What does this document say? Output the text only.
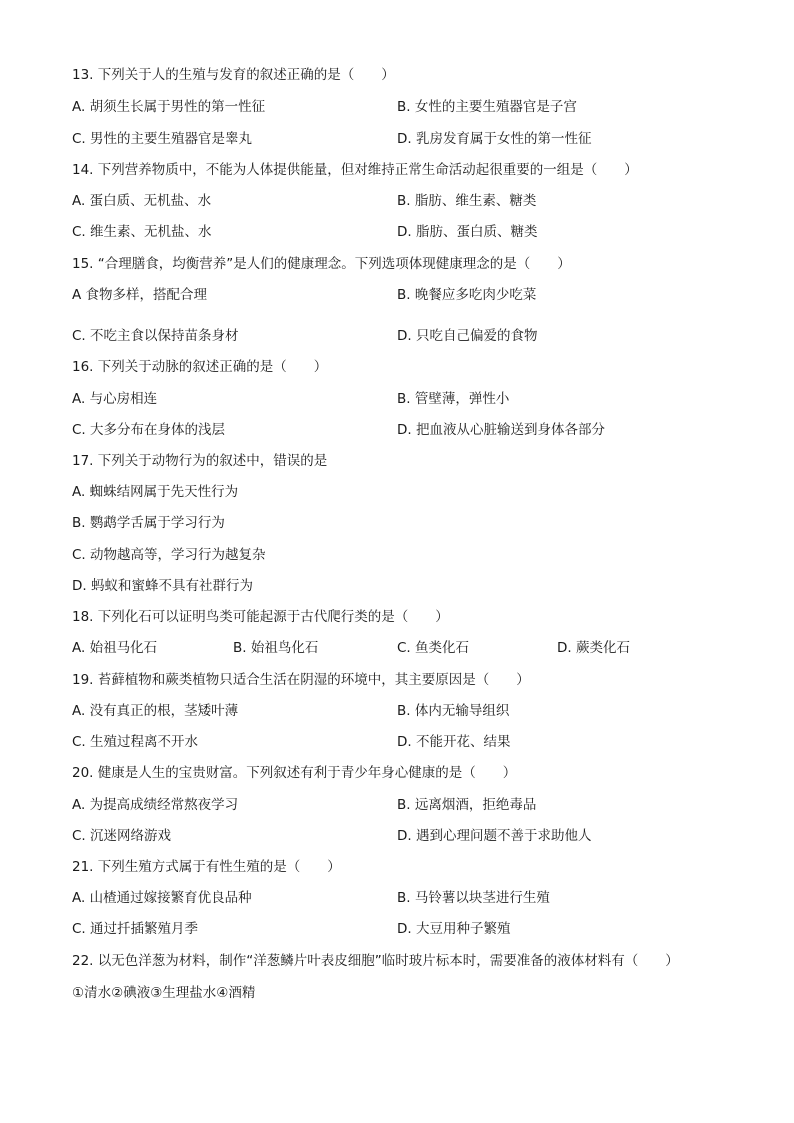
13. 下列关于人的生殖与发育的叙述正确的是（　　）
A. 胡须生长属于男性的第一性征	B. 女性的主要生殖器官是子宫
C. 男性的主要生殖器官是睾丸	D. 乳房发育属于女性的第一性征
14. 下列营养物质中，不能为人体提供能量，但对维持正常生命活动起很重要的一组是（　　）
A. 蛋白质、无机盐、水	B. 脂肪、维生素、糖类
C. 维生素、无机盐、水	D. 脂肪、蛋白质、糖类
15. “合理膳食，均衡营养”是人们的健康理念。下列选项体现健康理念的是（　　）
A 食物多样，搭配合理	B. 晚餐应多吃肉少吃菜
C. 不吃主食以保持苗条身材	D. 只吃自己偏爱的食物
16. 下列关于动脉的叙述正确的是（　　）
A. 与心房相连	B. 管壁薄，弹性小
C. 大多分布在身体的浅层	D. 把血液从心脏输送到身体各部分
17. 下列关于动物行为的叙述中，错误的是
A. 蜘蛛结网属于先天性行为
B. 鹦鹉学舌属于学习行为
C. 动物越高等，学习行为越复杂
D. 蚂蚁和蜜蜂不具有社群行为
18. 下列化石可以证明鸟类可能起源于古代爬行类的是（　　）
A. 始祖马化石	B. 始祖鸟化石	C. 鱼类化石	D. 蕨类化石
19. 苔藓植物和蕨类植物只适合生活在阴湿的环境中，其主要原因是（　　）
A. 没有真正的根，茎矮叶薄	B. 体内无输导组织
C. 生殖过程离不开水	D. 不能开花、结果
20. 健康是人生的宝贵财富。下列叙述有利于青少年身心健康的是（　　）
A. 为提高成绩经常熬夜学习	B. 远离烟酒，拒绝毒品
C. 沉迷网络游戏	D. 遇到心理问题不善于求助他人
21. 下列生殖方式属于有性生殖的是（　　）
A. 山楂通过嫁接繁育优良品种	B. 马铃薯以块茎进行生殖
C. 通过扦插繁殖月季	D. 大豆用种子繁殖
22. 以无色洋葱为材料，制作“洋葱鳞片叶表皮细胞”临时玻片标本时，需要准备的液体材料有（　　）
①清水②碘液③生理盐水④酒精
